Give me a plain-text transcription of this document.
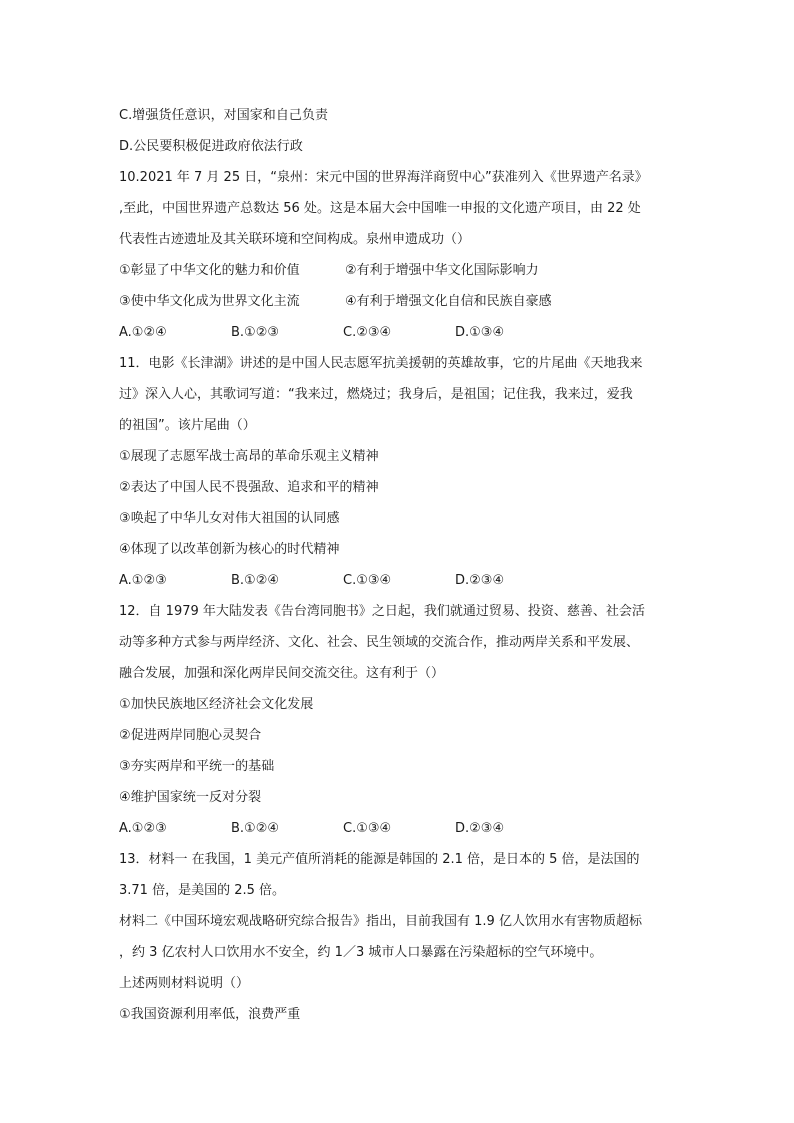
C.增强货任意识，对国家和自己负责
D.公民要积极促进政府依法行政
10.2021 年 7 月 25 日，“泉州：宋元中国的世界海洋商贸中心”获准列入《世界遗产名录》
,至此，中国世界遗产总数达 56 处。这是本届大会中国唯一申报的文化遗产项目，由 22 处
代表性古迹遗址及其关联环境和空间构成。泉州申遗成功（）
①彰显了中华文化的魅力和价值	②有利于增强中华文化国际影响力
③使中华文化成为世界文化主流	④有利于增强文化自信和民族自豪感
A.①②④	B.①②③	C.②③④	D.①③④
11．电影《长津湖》讲述的是中国人民志愿军抗美援朝的英雄故事，它的片尾曲《天地我来
过》深入人心，其歌词写道：“我来过，燃烧过；我身后，是祖国；记住我，我来过，爱我
的祖国”。该片尾曲（）
①展现了志愿军战士高昂的革命乐观主义精神
②表达了中国人民不畏强敌、追求和平的精神
③唤起了中华儿女对伟大祖国的认同感
④体现了以改革创新为核心的时代精神
A.①②③	B.①②④	C.①③④	D.②③④
12．自 1979 年大陆发表《告台湾同胞书》之日起，我们就通过贸易、投资、慈善、社会活
动等多种方式参与两岸经济、文化、社会、民生领域的交流合作，推动两岸关系和平发展、
融合发展，加强和深化两岸民间交流交往。这有利于（）
①加快民族地区经济社会文化发展
②促进两岸同胞心灵契合
③夯实两岸和平统一的基础
④维护国家统一反对分裂
A.①②③	B.①②④	C.①③④	D.②③④
13．材料一 在我国，1 美元产值所消耗的能源是韩国的 2.1 倍，是日本的 5 倍，是法国的
3.71 倍，是美国的 2.5 倍。
材料二《中国环境宏观战略研究综合报告》指出，目前我国有 1.9 亿人饮用水有害物质超标
，约 3 亿农村人口饮用水不安全，约 1／3 城市人口暴露在污染超标的空气环境中。
上述两则材料说明（）
①我国资源利用率低，浪费严重
